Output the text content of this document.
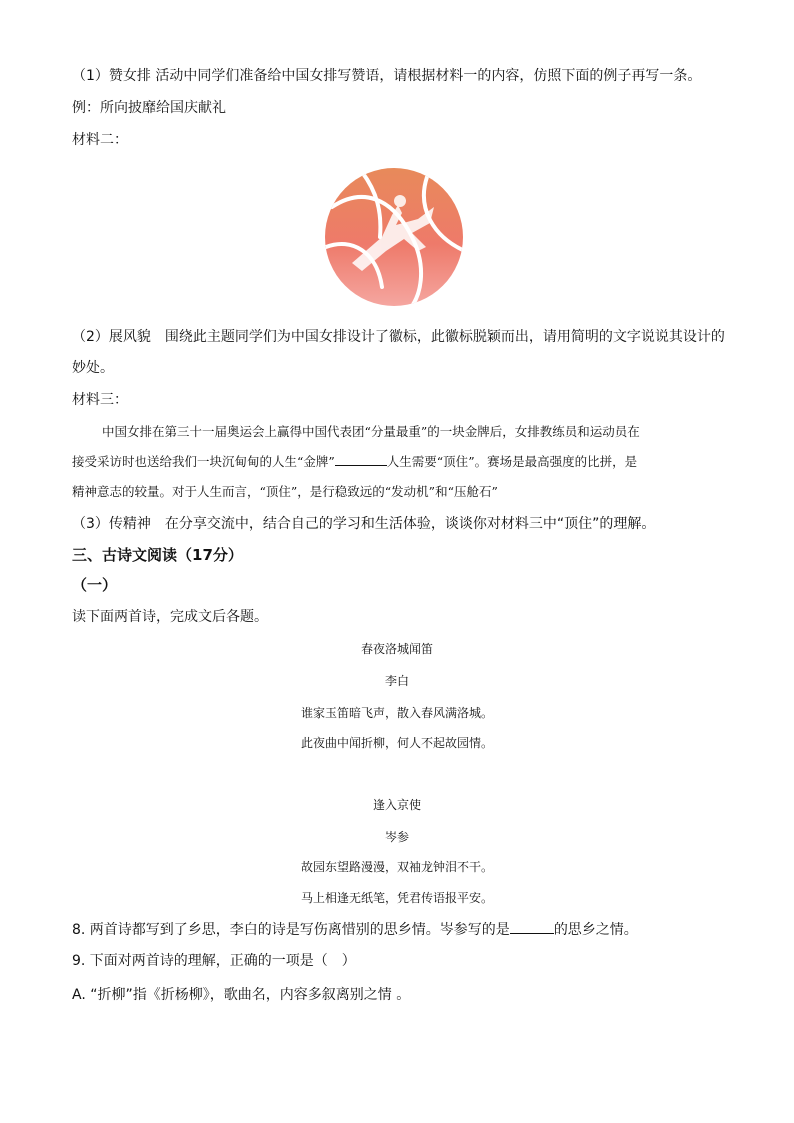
（1）赞女排 活动中同学们准备给中国女排写赞语，请根据材料一的内容，仿照下面的例子再写一条。
例：所向披靡给国庆献礼
材料二：
（2）展风貌　围绕此主题同学们为中国女排设计了徽标，此徽标脱颖而出，请用简明的文字说说其设计的
妙处。
材料三：
中国女排在第三十一届奥运会上赢得中国代表团“分量最重”的一块金牌后，女排教练员和运动员在
接受采访时也送给我们一块沉甸甸的人生“金牌”	人生需要“顶住”。赛场是最高强度的比拼，是
精神意志的较量。对于人生而言，“顶住”，是行稳致远的“发动机”和“压舱石”
（3）传精神　在分享交流中，结合自己的学习和生活体验，谈谈你对材料三中“顶住”的理解。
三、古诗文阅读（17分）
（一）
读下面两首诗，完成文后各题。
春夜洛城闻笛
李白
谁家玉笛暗飞声，散入春风满洛城。
此夜曲中闻折柳，何人不起故园情。
逢入京使
岑参
故园东望路漫漫，双袖龙钟泪不干。
马上相逢无纸笔，凭君传语报平安。
8. 两首诗都写到了乡思，李白的诗是写伤离惜别的思乡情。岑参写的是	的思乡之情。
9. 下面对两首诗的理解，正确的一项是（　）
A. “折柳”指《折杨柳》，歌曲名，内容多叙离别之情 。
